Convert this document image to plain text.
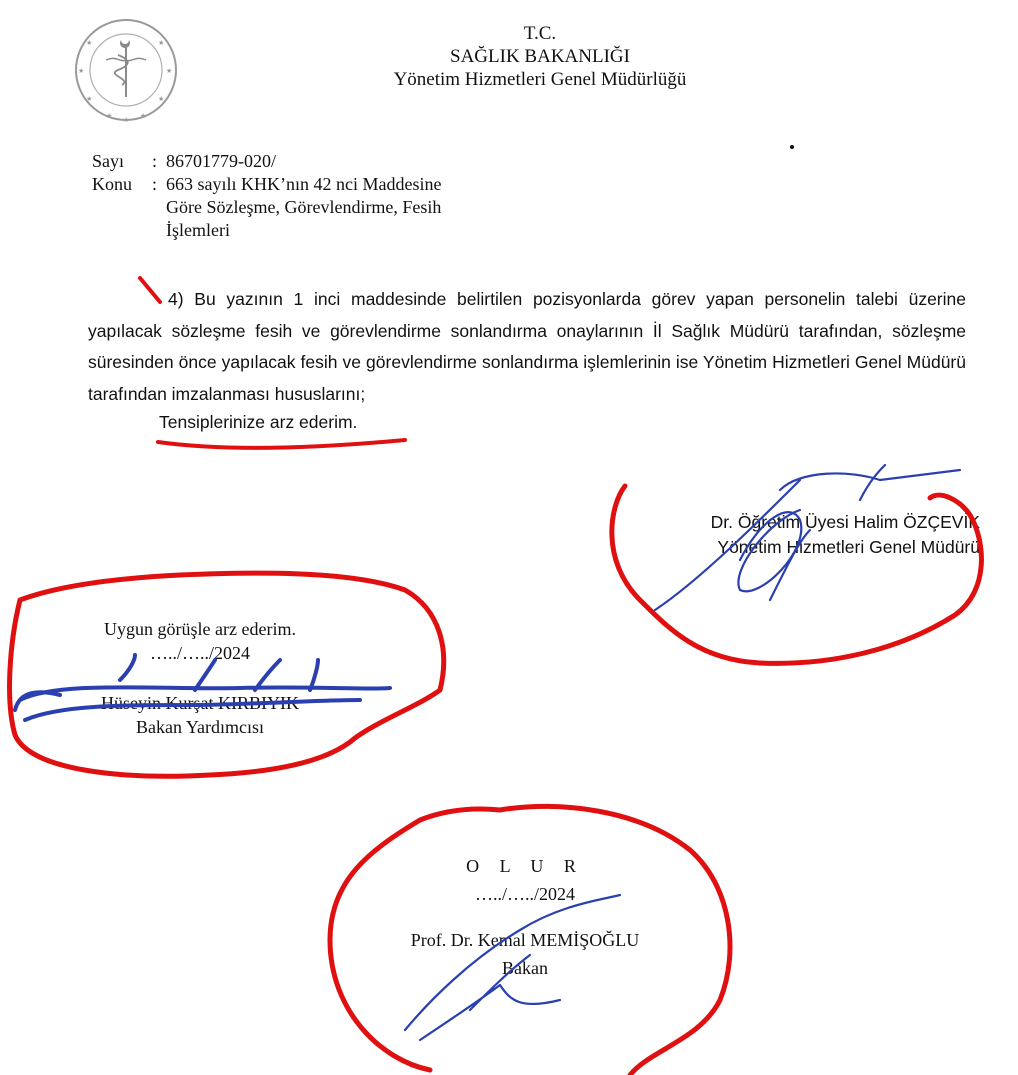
★	★
★	★
★	★
★	★
★
T.C.
SAĞLIK BAKANLIĞI
Yönetim Hizmetleri Genel Müdürlüğü
Sayı	: 86701779-020/
Konu	: 663 sayılı KHK’nın 42 nci Maddesine
Göre Sözleşme, Görevlendirme, Fesih
İşlemleri
4) Bu yazının 1 inci maddesinde belirtilen pozisyonlarda görev yapan personelin talebi üzerine yapılacak sözleşme fesih ve görevlendirme sonlandırma onaylarının İl Sağlık Müdürü tarafından, sözleşme süresinden önce yapılacak fesih ve görevlendirme sonlandırma işlemlerinin ise Yönetim Hizmetleri Genel Müdürü tarafından imzalanması hususlarını;
Tensiplerinize arz ederim.
Dr. Öğretim Üyesi Halim ÖZÇEVİK
Yönetim Hizmetleri Genel Müdürü
Uygun görüşle arz ederim.
…../…../2024
Hüseyin Kurşat KIRBIYIK
Bakan Yardımcısı
O L U R
…../…../2024
Prof. Dr. Kemal MEMİŞOĞLU
Bakan
